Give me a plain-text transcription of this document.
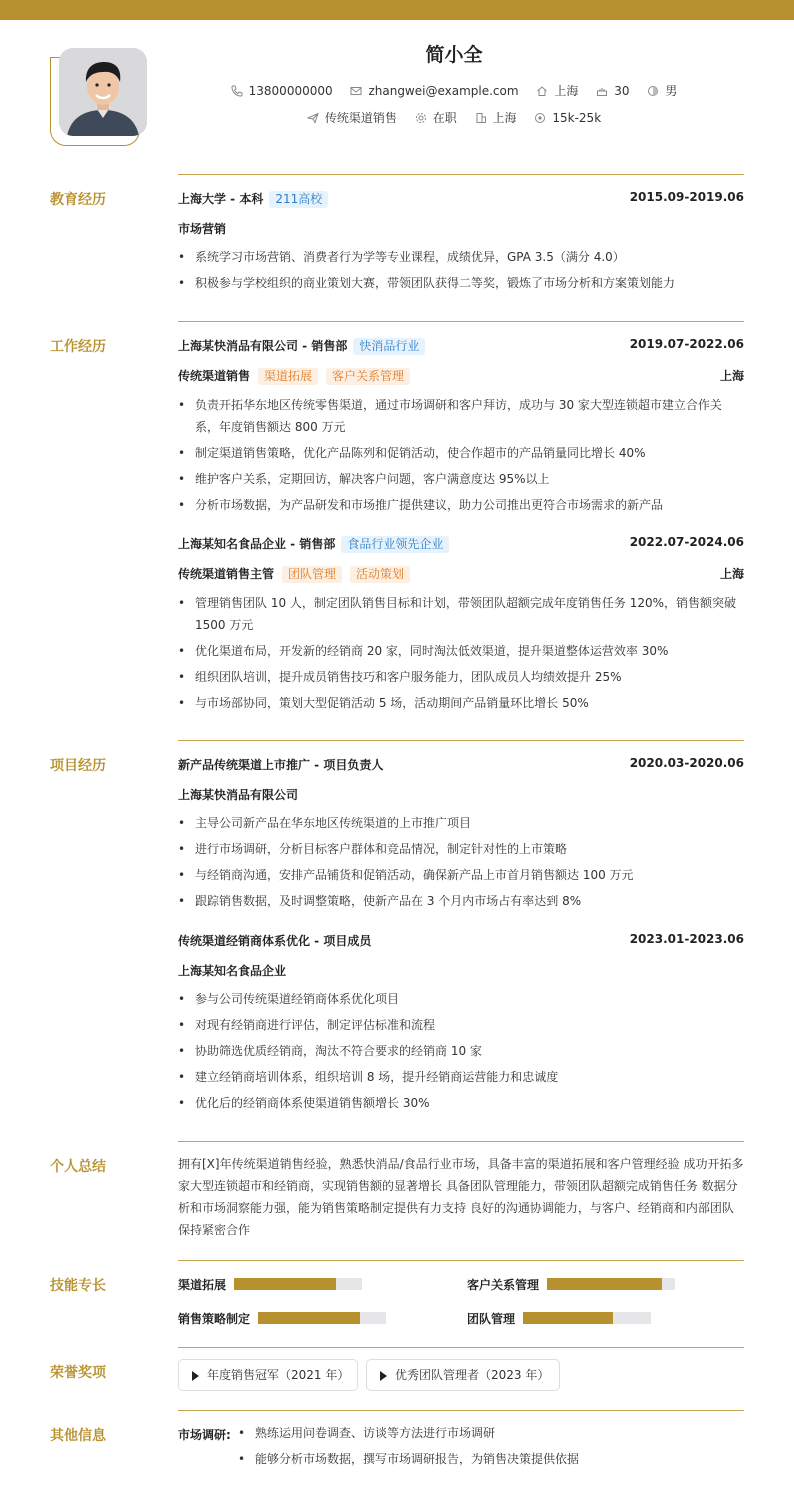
简小全
13800000000	zhangwei@example.com	上海	30	男
传统渠道销售	在职	上海	15k-25k
教育经历	上海大学 - 本科 211高校	2015.09-2019.06
市场营销
• 系统学习市场营销、消费者行为学等专业课程，成绩优异，GPA 3.5（满分 4.0）
• 积极参与学校组织的商业策划大赛，带领团队获得二等奖，锻炼了市场分析和方案策划能力
工作经历	上海某快消品有限公司 - 销售部 快消品行业	2019.07-2022.06
传统渠道销售 渠道拓展 客户关系管理	上海
• 负责开拓华东地区传统零售渠道，通过市场调研和客户拜访，成功与 30 家大型连锁超市建立合作关系，年度销售额达 800 万元
• 制定渠道销售策略，优化产品陈列和促销活动，使合作超市的产品销量同比增长 40%
• 维护客户关系，定期回访，解决客户问题，客户满意度达 95%以上
• 分析市场数据，为产品研发和市场推广提供建议，助力公司推出更符合市场需求的新产品
上海某知名食品企业 - 销售部 食品行业领先企业	2022.07-2024.06
传统渠道销售主管 团队管理 活动策划	上海
• 管理销售团队 10 人，制定团队销售目标和计划，带领团队超额完成年度销售任务 120%，销售额突破 1500 万元
• 优化渠道布局，开发新的经销商 20 家，同时淘汰低效渠道，提升渠道整体运营效率 30%
• 组织团队培训，提升成员销售技巧和客户服务能力，团队成员人均绩效提升 25%
• 与市场部协同，策划大型促销活动 5 场，活动期间产品销量环比增长 50%
项目经历	新产品传统渠道上市推广 - 项目负责人	2020.03-2020.06
上海某快消品有限公司
• 主导公司新产品在华东地区传统渠道的上市推广项目
• 进行市场调研，分析目标客户群体和竞品情况，制定针对性的上市策略
• 与经销商沟通，安排产品铺货和促销活动，确保新产品上市首月销售额达 100 万元
• 跟踪销售数据，及时调整策略，使新产品在 3 个月内市场占有率达到 8%
传统渠道经销商体系优化 - 项目成员	2023.01-2023.06
上海某知名食品企业
• 参与公司传统渠道经销商体系优化项目
• 对现有经销商进行评估，制定评估标准和流程
• 协助筛选优质经销商，淘汰不符合要求的经销商 10 家
• 建立经销商培训体系，组织培训 8 场，提升经销商运营能力和忠诚度
• 优化后的经销商体系使渠道销售额增长 30%
个人总结	拥有[X]年传统渠道销售经验，熟悉快消品/食品行业市场，具备丰富的渠道拓展和客户管理经验 成功开拓多家大型连锁超市和经销商，实现销售额的显著增长 具备团队管理能力，带领团队超额完成销售任务 数据分析和市场洞察能力强，能为销售策略制定提供有力支持 良好的沟通协调能力，与客户、经销商和内部团队保持紧密合作
技能专长	渠道拓展	客户关系管理
销售策略制定	团队管理
荣誉奖项	年度销售冠军（2021 年）	优秀团队管理者（2023 年）
其他信息	市场调研:
•	熟练运用问卷调查、访谈等方法进行市场调研
• 能够分析市场数据，撰写市场调研报告，为销售决策提供依据
